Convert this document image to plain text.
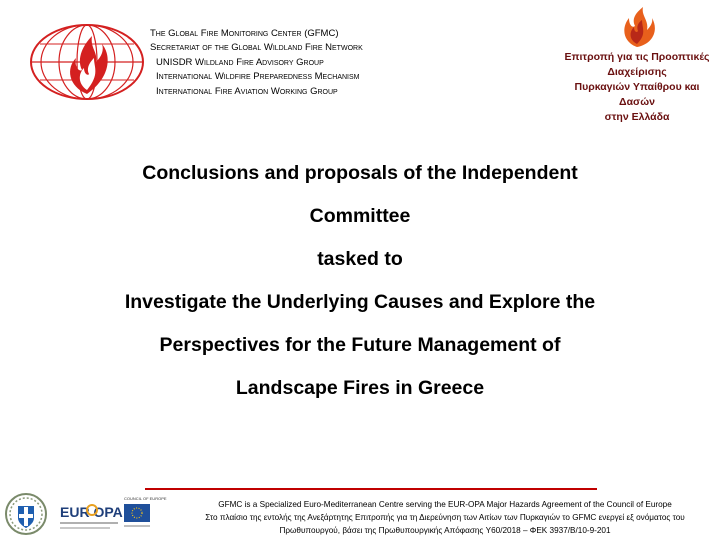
The Global Fire Monitoring Center (GFMC)
Secretariat of the Global Wildland Fire Network
UNISDR Wildland Fire Advisory Group
International Wildfire Preparedness Mechanism
International Fire Aviation Working Group
Επιτροπή για τις Προοπτικές Διαχείρισης
Πυρκαγιών Υπαίθρου και Δασών
στην Ελλάδα
Conclusions and proposals of the Independent
Committee
tasked to
Investigate the Underlying Causes and Explore the
Perspectives for the Future Management of
Landscape Fires in Greece
EUR OPA
COUNCIL OF EUROPE
GFMC is a Specialized Euro-Mediterranean Centre serving the EUR-OPA Major Hazards Agreement of the Council of Europe
Στο πλαίσιο της εντολής της Ανεξάρτητης Επιτροπής για τη Διερεύνηση των Αιτίων των Πυρκαγιών το GFMC ενεργεί εξ ονόματος του
Πρωθυπουργού, βάσει της Πρωθυπουργικής Απόφασης Y60/2018 – ΦΕΚ 3937/Β/10-9-201
